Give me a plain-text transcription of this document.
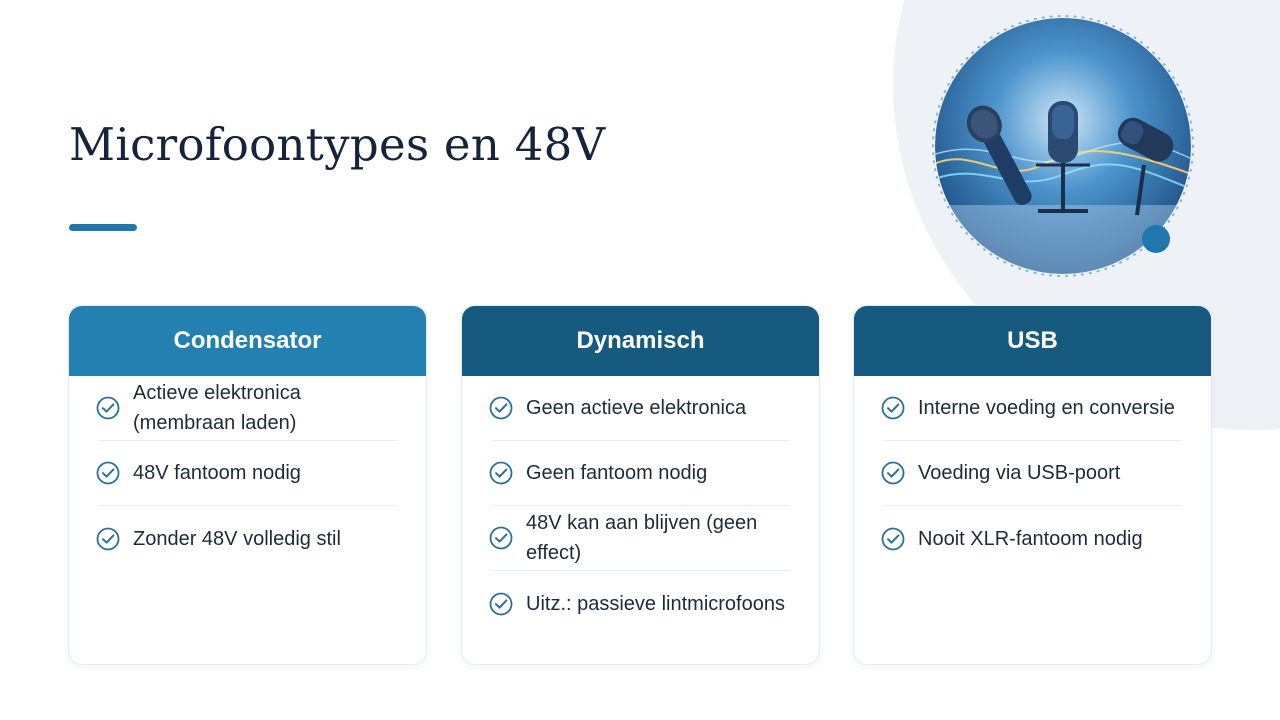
Microfoontypes en 48V
Condensator
Actieve elektronica (membraan laden)
48V fantoom nodig
Zonder 48V volledig stil
Dynamisch
Geen actieve elektronica
Geen fantoom nodig
48V kan aan blijven (geen effect)
Uitz.: passieve lintmicrofoons
USB
Interne voeding en conversie
Voeding via USB-poort
Nooit XLR-fantoom nodig
